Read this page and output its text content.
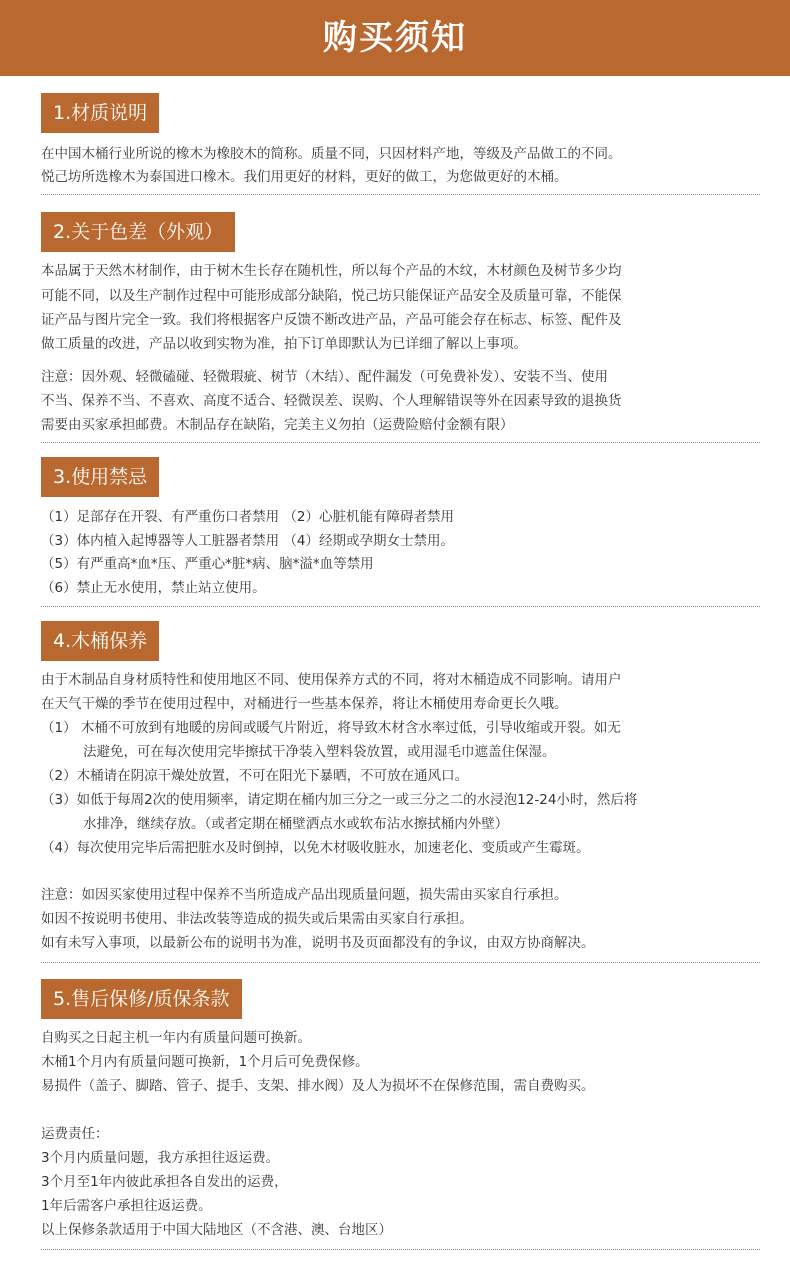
购买须知
1.材质说明
在中国木桶行业所说的橡木为橡胶木的简称。质量不同，只因材料产地，等级及产品做工的不同。
悦己坊所选橡木为泰国进口橡木。我们用更好的材料，更好的做工，为您做更好的木桶。
2.关于色差（外观）
本品属于天然木材制作，由于树木生长存在随机性，所以每个产品的木纹，木材颜色及树节多少均
可能不同，以及生产制作过程中可能形成部分缺陷，悦己坊只能保证产品安全及质量可靠，不能保
证产品与图片完全一致。我们将根据客户反馈不断改进产品，产品可能会存在标志、标签、配件及
做工质量的改进，产品以收到实物为准，拍下订单即默认为已详细了解以上事项。
注意：因外观、轻微磕碰、轻微瑕疵、树节（木结）、配件漏发（可免费补发）、安装不当、使用
不当、保养不当、不喜欢、高度不适合、轻微误差、误购、个人理解错误等外在因素导致的退换货
需要由买家承担邮费。木制品存在缺陷，完美主义勿拍（运费险赔付金额有限）
3.使用禁忌
（1）足部存在开裂、有严重伤口者禁用 （2）心脏机能有障碍者禁用
（3）体内植入起博器等人工脏器者禁用 （4）经期或孕期女士禁用。
（5）有严重高*血*压、严重心*脏*病、脑*溢*血等禁用
（6）禁止无水使用，禁止站立使用。
4.木桶保养
由于木制品自身材质特性和使用地区不同、使用保养方式的不同，将对木桶造成不同影响。请用户
在天气干燥的季节在使用过程中，对桶进行一些基本保养，将让木桶使用寿命更长久哦。
（1） 木桶不可放到有地暖的房间或暖气片附近，将导致木材含水率过低，引导收缩或开裂。如无
法避免，可在每次使用完毕擦拭干净装入塑料袋放置，或用湿毛巾遮盖住保湿。
（2）木桶请在阴凉干燥处放置，不可在阳光下暴晒，不可放在通风口。
（3）如低于每周2次的使用频率，请定期在桶内加三分之一或三分之二的水浸泡12-24小时，然后将
水排净，继续存放。（或者定期在桶壁洒点水或软布沾水擦拭桶内外壁）
（4）每次使用完毕后需把脏水及时倒掉，以免木材吸收脏水，加速老化、变质或产生霉斑。
注意：如因买家使用过程中保养不当所造成产品出现质量问题，损失需由买家自行承担。
如因不按说明书使用、非法改装等造成的损失或后果需由买家自行承担。
如有未写入事项，以最新公布的说明书为准，说明书及页面都没有的争议，由双方协商解决。
5.售后保修/质保条款
自购买之日起主机一年内有质量问题可换新。
木桶1个月内有质量问题可换新，1个月后可免费保修。
易损件（盖子、脚踏、管子、提手、支架、排水阀）及人为损坏不在保修范围，需自费购买。
运费责任：
3个月内质量问题，我方承担往返运费。
3个月至1年内彼此承担各自发出的运费，
1年后需客户承担往返运费。
以上保修条款适用于中国大陆地区（不含港、澳、台地区）
